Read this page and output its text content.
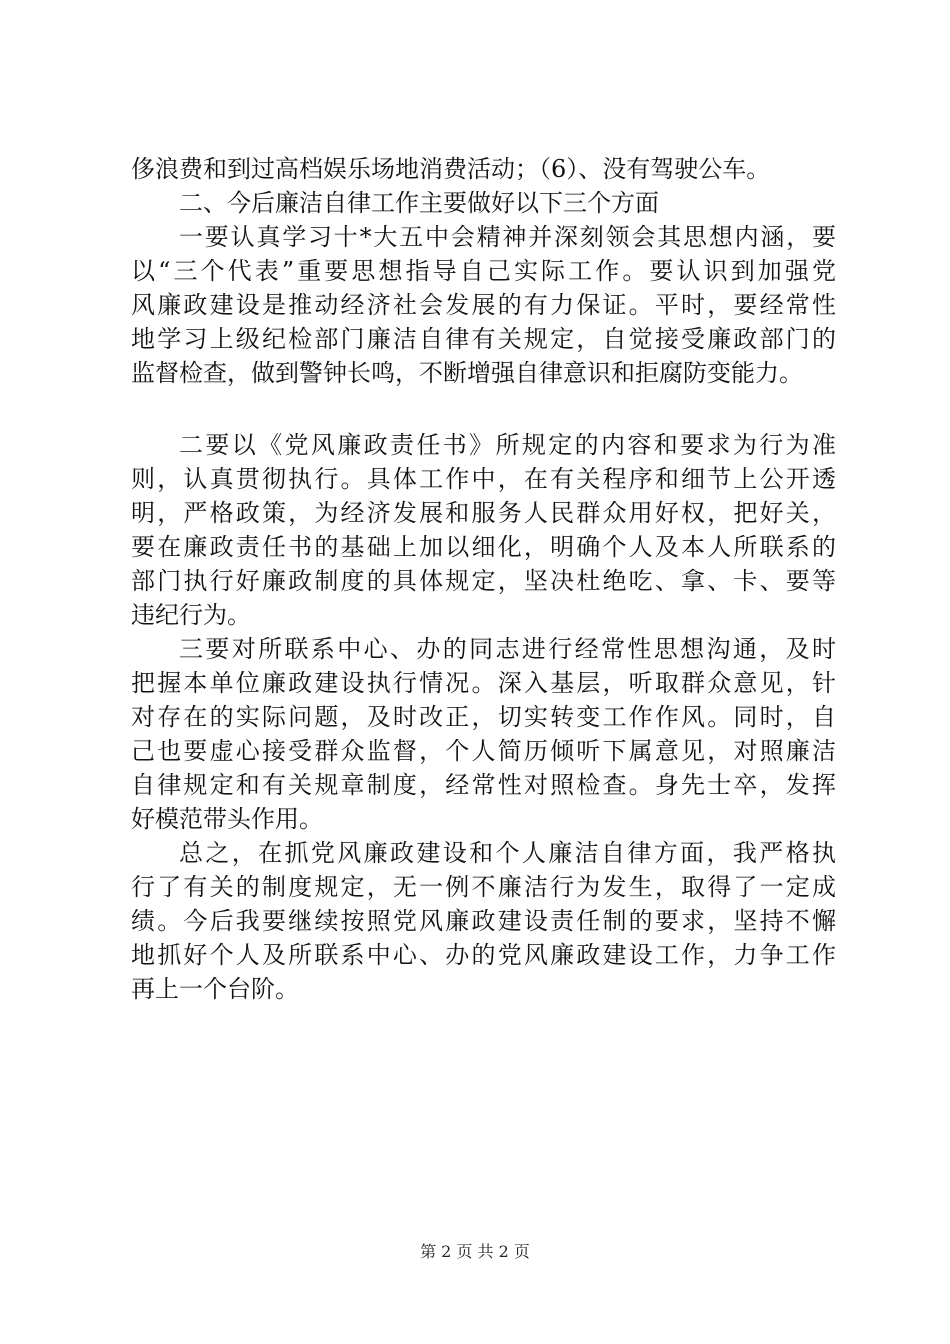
侈浪费和到过高档娱乐场地消费活动；（6）、没有驾驶公车。
二、今后廉洁自律工作主要做好以下三个方面
一要认真学习十*大五中会精神并深刻领会其思想内涵，要
以“三个代表”重要思想指导自己实际工作。要认识到加强党
风廉政建设是推动经济社会发展的有力保证。平时，要经常性
地学习上级纪检部门廉洁自律有关规定，自觉接受廉政部门的
监督检查，做到警钟长鸣，不断增强自律意识和拒腐防变能力。
二要以《党风廉政责任书》所规定的内容和要求为行为准
则，认真贯彻执行。具体工作中，在有关程序和细节上公开透
明，严格政策，为经济发展和服务人民群众用好权，把好关，
要在廉政责任书的基础上加以细化，明确个人及本人所联系的
部门执行好廉政制度的具体规定，坚决杜绝吃、拿、卡、要等
违纪行为。
三要对所联系中心、办的同志进行经常性思想沟通，及时
把握本单位廉政建设执行情况。深入基层，听取群众意见，针
对存在的实际问题，及时改正，切实转变工作作风。同时，自
己也要虚心接受群众监督，个人简历倾听下属意见，对照廉洁
自律规定和有关规章制度，经常性对照检查。身先士卒，发挥
好模范带头作用。
总之，在抓党风廉政建设和个人廉洁自律方面，我严格执
行了有关的制度规定，无一例不廉洁行为发生，取得了一定成
绩。今后我要继续按照党风廉政建设责任制的要求，坚持不懈
地抓好个人及所联系中心、办的党风廉政建设工作，力争工作
再上一个台阶。
第 2 页 共 2 页
